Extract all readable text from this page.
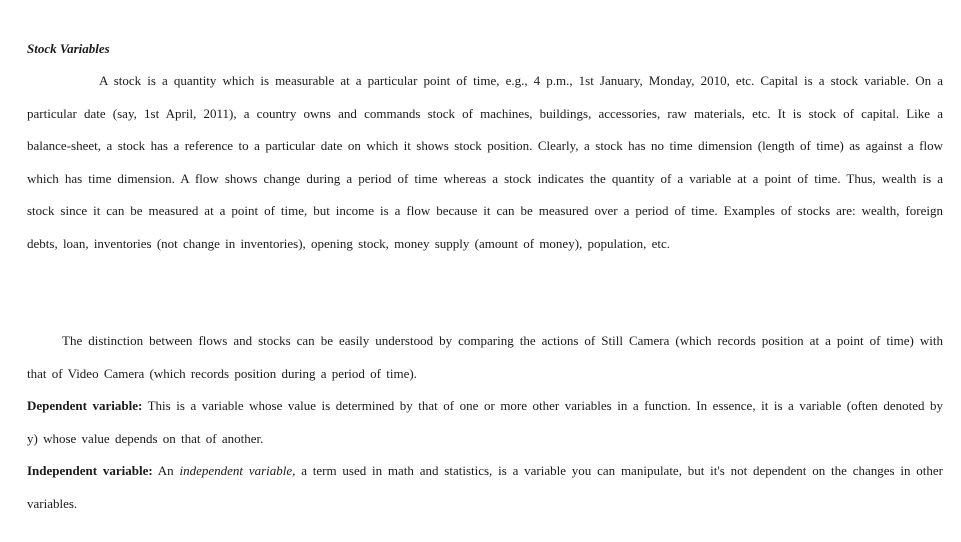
Stock Variables

A stock is a quantity which is measurable at a particular point of time, e.g., 4 p.m., 1st January, Monday, 2010, etc. Capital is a stock variable. On a particular date (say, 1st April, 2011), a country owns and commands stock of machines, buildings, accessories, raw materials, etc. It is stock of capital. Like a balance-sheet, a stock has a reference to a particular date on which it shows stock position. Clearly, a stock has no time dimension (length of time) as against a flow which has time dimension. A flow shows change during a period of time whereas a stock indicates the quantity of a variable at a point of time. Thus, wealth is a stock since it can be measured at a point of time, but income is a flow because it can be measured over a period of time. Examples of stocks are: wealth, foreign debts, loan, inventories (not change in inventories), opening stock, money supply (amount of money), population, etc.

The distinction between flows and stocks can be easily understood by comparing the actions of Still Camera (which records position at a point of time) with that of Video Camera (which records position during a period of time).

Dependent variable: This is a variable whose value is determined by that of one or more other variables in a function. In essence, it is a variable (often denoted by y) whose value depends on that of another.

Independent variable: An independent variable, a term used in math and statistics, is a variable you can manipulate, but it's not dependent on the changes in other variables.
